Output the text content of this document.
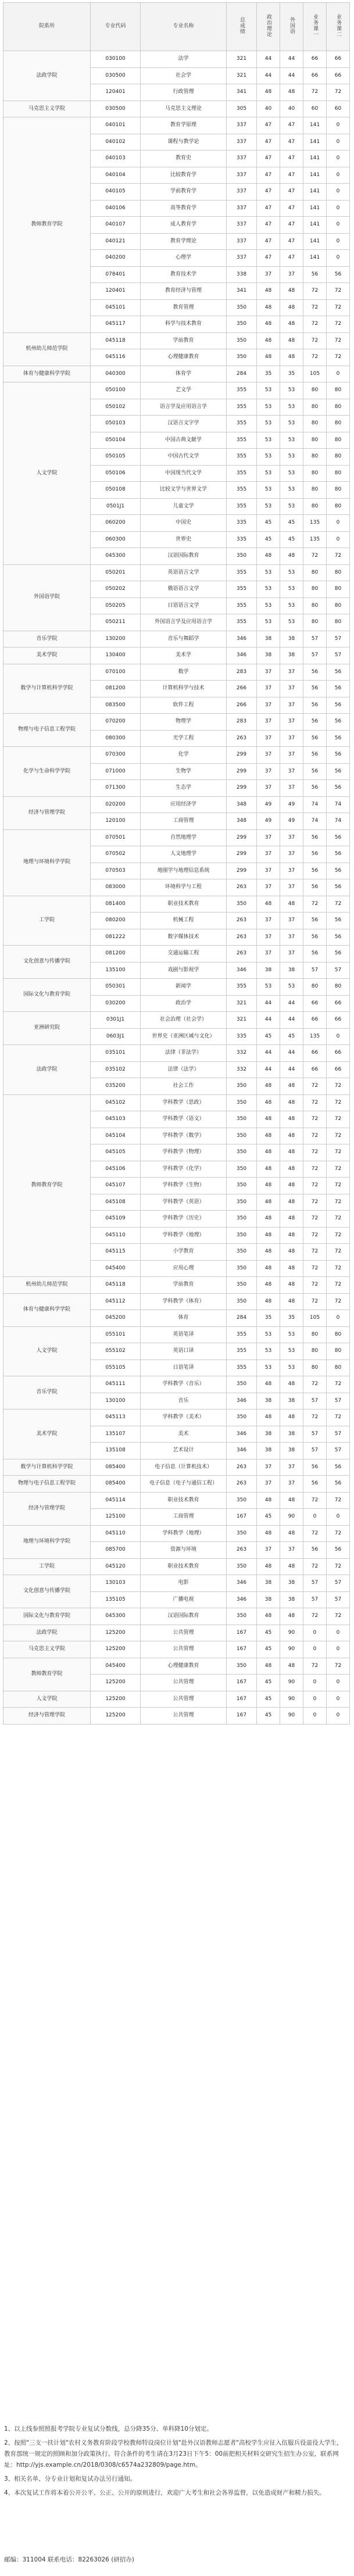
院系所	专业代码	专业名称	总成绩	政治理论	外国语	业务课一	业务课二
法政学院	030100	法学	321	44	44	66	66
	030500	社会学	321	44	44	66	66
	120401	行政管理	341	48	48	72	72
马克思主义学院	030500	马克思主义理论	305	40	40	60	60
教师教育学院	040101	教育学原理	337	47	47	141	0
	040102	课程与教学论	337	47	47	141	0
	040103	教育史	337	47	47	141	0
	040104	比较教育学	337	47	47	141	0
	040105	学前教育学	337	47	47	141	0
	040106	高等教育学	337	47	47	141	0
	040107	成人教育学	337	47	47	141	0
	040121	教育学理论	337	47	47	141	0
	040200	心理学	337	47	47	141	0
	078401	教育技术学	338	37	37	56	56
	120401	教育经济与管理	341	48	48	72	72
	045101	教育管理	350	48	48	72	72
	045117	科学与技术教育	350	48	48	72	72
机州幼儿师范学院	045118	学前教育	350	48	48	72	72
	045116	心理健康教育	350	48	48	72	72
体育与健康科学学院	040300	体育学	284	35	35	105	0
人文学院	050100	艺文学	355	53	53	80	80
	050102	语言学及应用语言学	355	53	53	80	80
	050103	汉语言文字学	355	53	53	80	80
	050104	中国古典文献学	355	53	53	80	80
	050105	中国古代文学	355	53	53	80	80
	050106	中国现当代文学	355	53	53	80	80
	050108	比较文学与世界文学	355	53	53	80	80
	0501J1	儿童文学	355	53	53	80	80
	060200	中国史	335	45	45	135	0
	060300	世界史	335	45	45	135	0
	045300	汉语国际教育	350	48	48	72	72
外国语学院	050201	英语语言文学	355	53	53	80	80
	050202	俄语语言文学	355	53	53	80	80
	050205	日语语言文学	355	53	53	80	80
	050211	外国语言学及应用语言学	355	53	53	80	80
音乐学院	130200	音乐与舞蹈学	346	38	38	57	57
美术学院	130400	美术学	346	38	38	57	57
数学与计算机科学学院	070100	数学	283	37	37	56	56
	081200	计算机科学与技术	266	37	37	56	56
	083500	软件工程	266	37	37	56	56
物理与电子信息工程学院	070200	物理学	283	37	37	56	56
	080300	光学工程	263	37	37	56	56
化学与生命科学学院	070300	化学	299	37	37	56	56
	071000	生物学	299	37	37	56	56
	071300	生态学	299	37	37	56	56
经济与管理学院	020200	应用经济学	348	49	49	74	74
	120100	工商管理	348	49	49	74	74
地理与环境科学学院	070501	自然地理学	299	37	37	56	56
	070502	人文地理学	299	37	37	56	56
	070503	地图学与地理信息系统	299	37	37	56	56
	083000	环境科学与工程	263	37	37	56	56
工学院	081400	职业技术教育	350	48	48	72	72
	080200	机械工程	263	37	37	56	56
	081222	数字媒体技术	263	37	37	56	56
文化创意与传播学院	081200	交通运输工程	263	37	37	56	56
	135100	戏剧与影视学	346	38	38	57	57
国际文化与教育学院	050301	新闻学	355	53	53	80	80
	030200	政治学	321	44	44	66	66
亚洲研究院	0301J1	社会治理（社会学）	321	44	44	66	66
	0603J1	世界史（亚洲区域与文化）	335	45	45	135	0
法政学院	035101	法律（非法学）	332	44	44	66	66
	035102	法律（法学）	332	44	44	66	66
	035200	社会工作	350	48	48	72	72
教师教育学院	045102	学科教学（思政）	350	48	48	72	72
	045103	学科教学（语文）	350	48	48	72	72
	045104	学科教学（数学）	350	48	48	72	72
	045105	学科教学（物理）	350	48	48	72	72
	045106	学科教学（化学）	350	48	48	72	72
	045107	学科教学（生物）	350	48	48	72	72
	045108	学科教学（英语）	350	48	48	72	72
	045109	学科教学（历史）	350	48	48	72	72
	045110	学科教学（地理）	350	48	48	72	72
	045115	小学教育	350	48	48	72	72
	045400	应用心理	350	48	48	72	72
机州幼儿师范学院	045118	学前教育	350	48	48	72	72
体育与健康科学学院	045112	学科教学（体育）	350	48	48	72	72
	045200	体育	284	35	35	105	0
人文学院	055101	英语笔译	355	53	53	80	80
	055102	英语口译	355	53	53	80	80
	055105	日语笔译	355	53	53	80	80
音乐学院	045111	学科教学（音乐）	350	48	48	72	72
	130100	音乐	346	38	38	57	57
美术学院	045113	学科教学（美术）	350	48	48	72	72
	135107	美术	346	38	38	57	57
	135108	艺术设计	346	38	38	57	57
数学与计算机科学学院	085400	电子信息（计算机技术）	263	37	37	56	56
物理与电子信息工程学院	085400	电子信息（电子与通信工程）	263	37	37	56	56
经济与管理学院	045114	职业技术教育	350	48	48	72	72
	125100	工商管理	167	45	90	0	0
地理与环境科学学院	045110	学科教学（地理）	350	48	48	72	72
	085700	资源与环境	263	37	37	56	56
工学院	045120	职业技术教育	350	48	48	72	72
文化创意与传播学院	130103	电影	346	38	38	57	57
	135105	广播电视	346	38	38	57	57
国际文化与教育学院	045300	汉语国际教育	350	48	48	72	72
法政学院	125200	公共管理	167	45	90	0	0
马克思主义学院	125200	公共管理	167	45	90	0	0
教师教育学院	045400	心理健康教育	350	48	48	72	72
	125200	公共管理	167	45	90	0	0
人文学院	125200	公共管理	167	45	90	0	0
经济与管理学院	125200	公共管理	167	45	90	0	0

1、以上线参照照报考学院专业复试分数线，总分降35分、单科降10分划定。

2、按照"三支一扶计划"农村义务教育阶段学校教师特设岗位计划"赴外汉语教师志愿者"高校学生应征入伍服兵役退役大学生，教育部统一规定的照顾和加分政策执行。符合条件的考生请在3月23日下午5：00前把相关材料交研究生招生办公室，联系网址：http://yjs.example.cn/2018/0308/c6574a232809/page.htm。

3、相关名单、分专业计划和复试办法另行通知。

4、本次复试工作将本着公开公平、公正、公开的原则进行，欢迎广大考生和社会各界监督，以免造成财产和精力损失。

邮编：311004 联系电话：82263026 (研招办)
